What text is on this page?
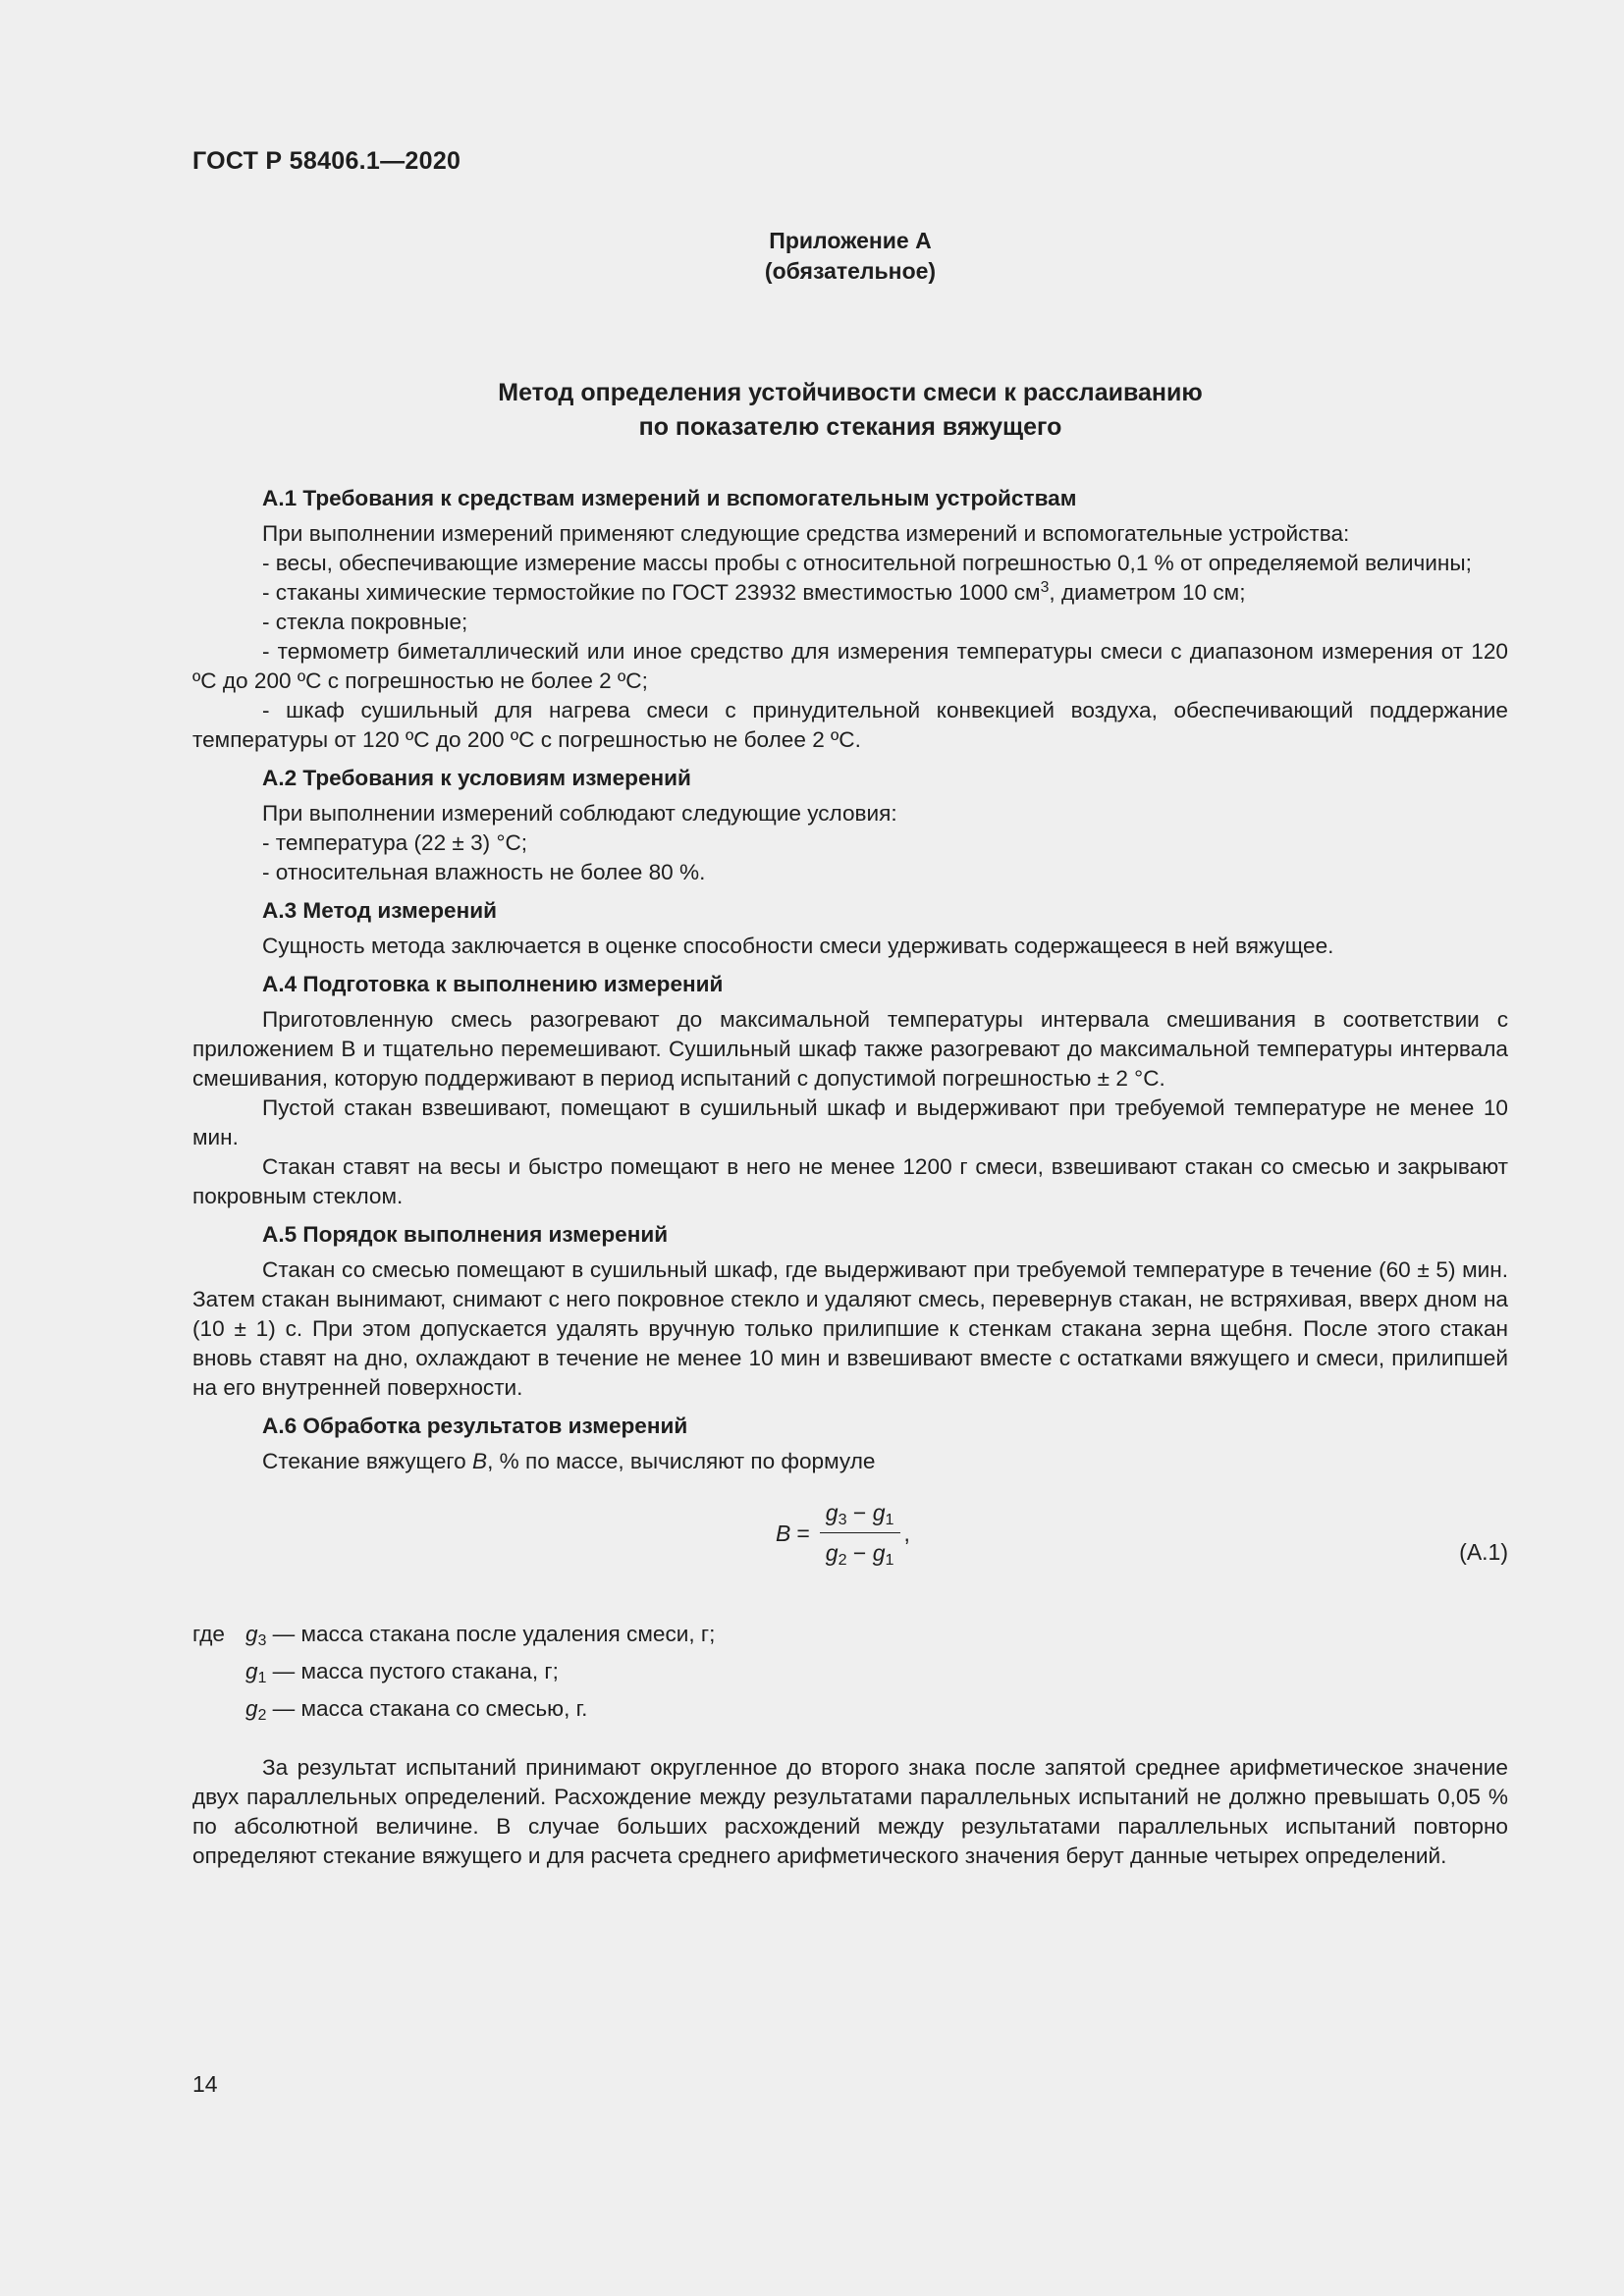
ГОСТ Р 58406.1—2020
Приложение А
(обязательное)
Метод определения устойчивости смеси к расслаиванию
по показателю стекания вяжущего

А.1 Требования к средствам измерений и вспомогательным устройствам

При выполнении измерений применяют следующие средства измерений и вспомогательные устройства:

- весы, обеспечивающие измерение массы пробы с относительной погрешностью 0,1 % от определяемой величины;

- стаканы химические термостойкие по ГОСТ 23932 вместимостью 1000 $см^3$, диаметром 10 см;

- стекла покровные;

- термометр биметаллический или иное средство для измерения температуры смеси с диапазоном измерения от 120 ºС до 200 ºС с погрешностью не более 2 ºС;

- шкаф сушильный для нагрева смеси с принудительной конвекцией воздуха, обеспечивающий поддержание температуры от 120 ºС до 200 ºС с погрешностью не более 2 ºС.

А.2 Требования к условиям измерений

При выполнении измерений соблюдают следующие условия:

- температура (22 ± 3) °С;

- относительная влажность не более 80 %.

А.3 Метод измерений

Сущность метода заключается в оценке способности смеси удерживать содержащееся в ней вяжущее.

А.4 Подготовка к выполнению измерений

Приготовленную смесь разогревают до максимальной температуры интервала смешивания в соответствии с приложением В и тщательно перемешивают. Сушильный шкаф также разогревают до максимальной температуры интервала смешивания, которую поддерживают в период испытаний с допустимой погрешностью ± 2 °С.

Пустой стакан взвешивают, помещают в сушильный шкаф и выдерживают при требуемой температуре не менее 10 мин.

Стакан ставят на весы и быстро помещают в него не менее 1200 г смеси, взвешивают стакан со смесью и закрывают покровным стеклом.

А.5 Порядок выполнения измерений

Стакан со смесью помещают в сушильный шкаф, где выдерживают при требуемой температуре в течение (60 ± 5) мин. Затем стакан вынимают, снимают с него покровное стекло и удаляют смесь, перевернув стакан, не встряхивая, вверх дном на (10 ± 1) с. При этом допускается удалять вручную только прилипшие к стенкам стакана зерна щебня. После этого стакан вновь ставят на дно, охлаждают в течение не менее 10 мин и взвешивают вместе с остатками вяжущего и смеси, прилипшей на его внутренней поверхности.

А.6 Обработка результатов измерений

Стекание вяжущего B, % по массе, вычисляют по формуле

$B = \frac{g_3 - g_1}{g_2 - g_1}$ ,
(А.1)
где $g_3$ — масса стакана после удаления смеси, г;
$g_1$ — масса пустого стакана, г;
$g_2$ — масса стакана со смесью, г.

За результат испытаний принимают округленное до второго знака после запятой среднее арифметическое значение двух параллельных определений. Расхождение между результатами параллельных испытаний не должно превышать 0,05 % по абсолютной величине. В случае больших расхождений между результатами параллельных испытаний повторно определяют стекание вяжущего и для расчета среднего арифметического значения берут данные четырех определений.

14
